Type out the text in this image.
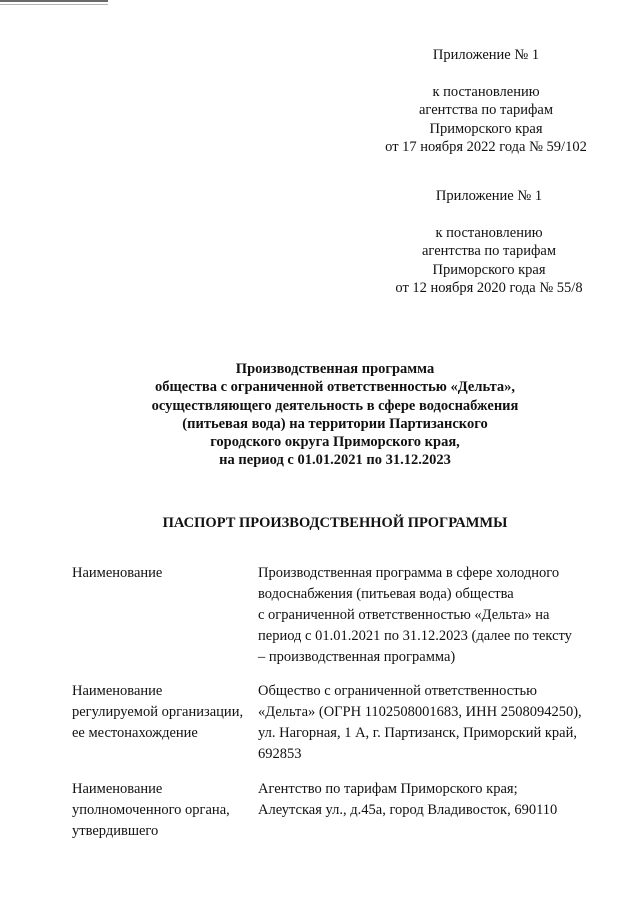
Приложение № 1
к постановлению
агентства по тарифам
Приморского края
от 17 ноября 2022 года № 59/102
Приложение № 1
к постановлению
агентства по тарифам
Приморского края
от 12 ноября 2020 года № 55/8
Производственная программа
общества с ограниченной ответственностью «Дельта»,
осуществляющего деятельность в сфере водоснабжения
(питьевая вода) на территории Партизанского
городского округа Приморского края,
на период с 01.01.2021 по 31.12.2023
ПАСПОРТ ПРОИЗВОДСТВЕННОЙ ПРОГРАММЫ
Наименование	Производственная программа в сфере холодного
водоснабжения (питьевая вода) общества
с ограниченной ответственностью «Дельта» на
период с 01.01.2021 по 31.12.2023 (далее по тексту
– производственная программа)
Наименование
регулируемой организации,
ее местонахождение
Общество с ограниченной ответственностью
«Дельта» (ОГРН 1102508001683, ИНН 2508094250),
ул. Нагорная, 1 А, г. Партизанск, Приморский край,
692853
Наименование
уполномоченного органа,
утвердившего
Агентство по тарифам Приморского края;
Алеутская ул., д.45а, город Владивосток, 690110
